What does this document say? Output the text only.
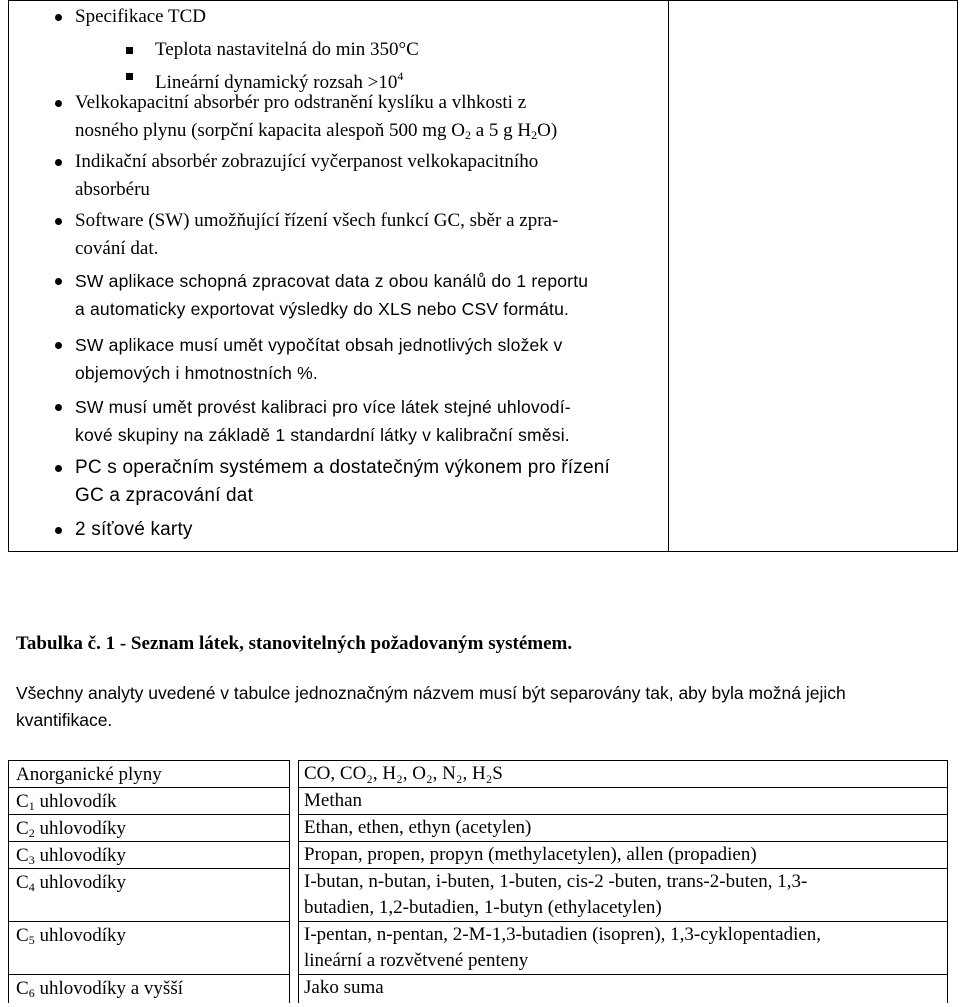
Specifikace TCD
Teplota nastavitelná do min 350°C
Lineární dynamický rozsah $>10^4$
Velkokapacitní absorbér pro odstranění kyslíku a vlhkosti z
nosného plynu (sorpční kapacita alespoň 500 mg $O_2$ a 5 g $H_2O$)
Indikační absorbér zobrazující vyčerpanost velkokapacitního
absorbéru
Software (SW) umožňující řízení všech funkcí GC, sběr a zpra-
cování dat.
SW aplikace schopná zpracovat data z obou kanálů do 1 reportu
a automaticky exportovat výsledky do XLS nebo CSV formátu.
SW aplikace musí umět vypočítat obsah jednotlivých složek v
objemových i hmotnostních %.
SW musí umět provést kalibraci pro více látek stejné uhlovodí-
kové skupiny na základě 1 standardní látky v kalibrační směsi.
PC s operačním systémem a dostatečným výkonem pro řízení
GC a zpracování dat
2 síťové karty
Tabulka č. 1 - Seznam látek, stanovitelných požadovaným systémem.
Všechny analyty uvedené v tabulce jednoznačným názvem musí být separovány tak, aby byla možná jejich kvantifikace.
Anorganické plyny	CO, CO₂, H₂, O₂, N₂, H₂S
$C_1$ uhlovodík	Methan
$C_2$ uhlovodíky	Ethan, ethen, ethyn (acetylen)
$C_3$ uhlovodíky	Propan, propen, propyn (methylacetylen), allen (propadien)
$C_4$ uhlovodíky	I-butan, n-butan, i-buten, 1-buten, cis-2 -buten, trans-2-buten, 1,3-
butadien, 1,2-butadien, 1-butyn (ethylacetylen)
$C_5$ uhlovodíky	I-pentan, n-pentan, 2-M-1,3-butadien (isopren), 1,3-cyklopentadien,
lineární a rozvětvené penteny
$C_6$ uhlovodíky a vyšší	Jako suma
